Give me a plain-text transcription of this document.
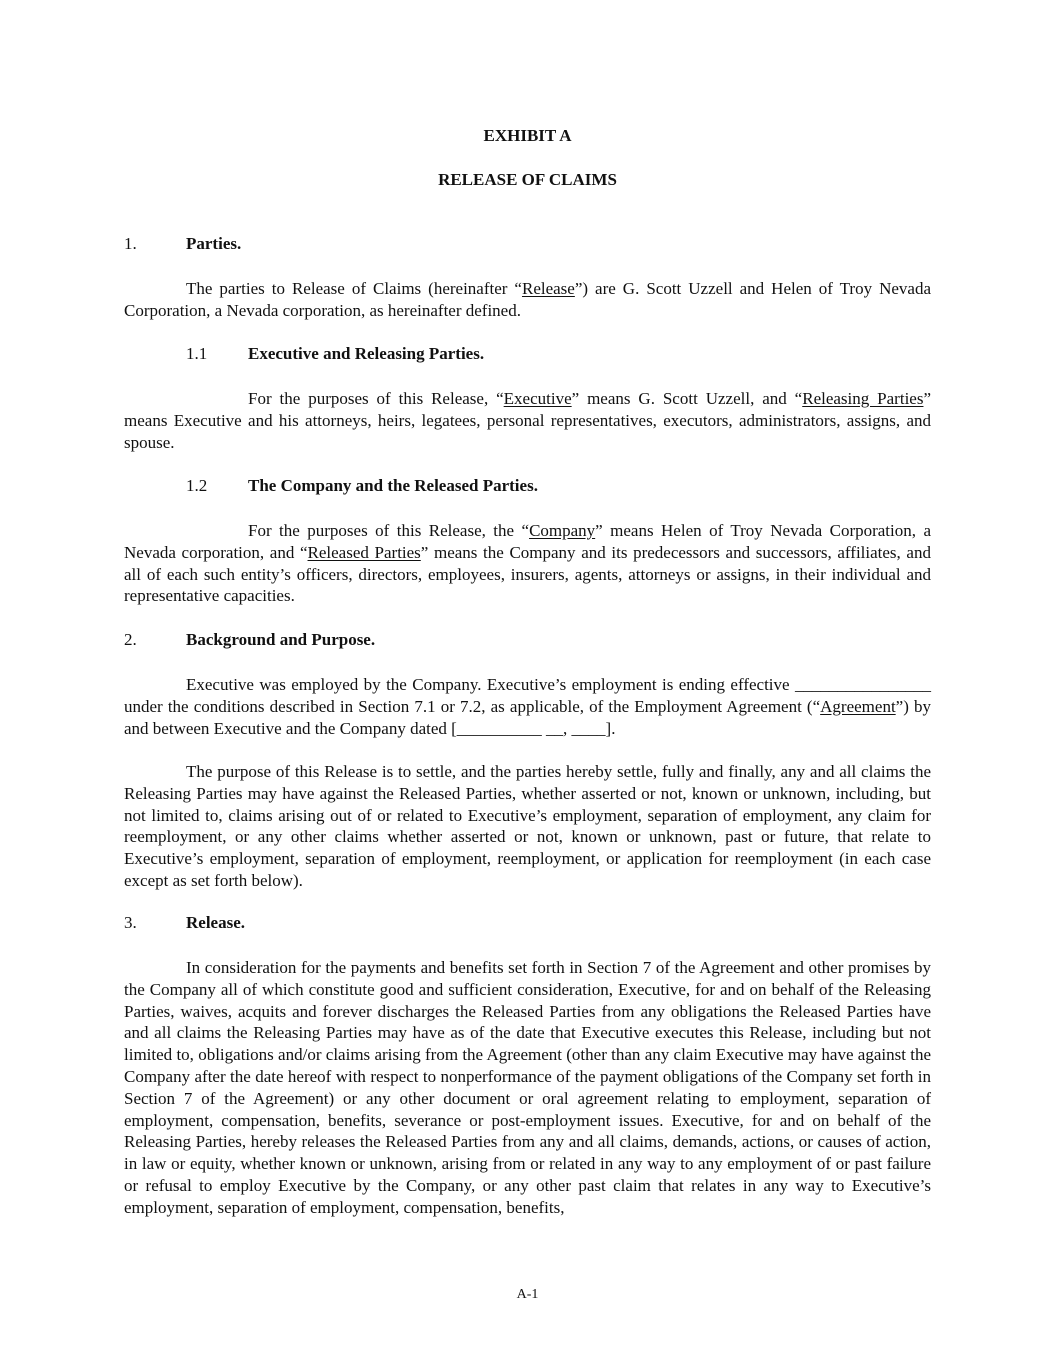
EXHIBIT A
RELEASE OF CLAIMS
1.	Parties.
The parties to Release of Claims (hereinafter “Release”) are G. Scott Uzzell and Helen of Troy Nevada Corporation, a Nevada corporation, as hereinafter defined.
1.1 Executive and Releasing Parties.
For the purposes of this Release, “Executive” means G. Scott Uzzell, and “Releasing Parties” means Executive and his attorneys, heirs, legatees, personal representatives, executors, administrators, assigns, and spouse.
1.2 The Company and the Released Parties.
For the purposes of this Release, the “Company” means Helen of Troy Nevada Corporation, a Nevada corporation, and “Released Parties” means the Company and its predecessors and successors, affiliates, and all of each such entity’s officers, directors, employees, insurers, agents, attorneys or assigns, in their individual and representative capacities.
2.	Background and Purpose.
Executive was employed by the Company. Executive’s employment is ending effective ________________ under the conditions described in Section 7.1 or 7.2, as applicable, of the Employment Agreement (“Agreement”) by and between Executive and the Company dated [__________ __, ____].
The purpose of this Release is to settle, and the parties hereby settle, fully and finally, any and all claims the Releasing Parties may have against the Released Parties, whether asserted or not, known or unknown, including, but not limited to, claims arising out of or related to Executive’s employment, separation of employment, any claim for reemployment, or any other claims whether asserted or not, known or unknown, past or future, that relate to Executive’s employment, separation of employment, reemployment, or application for reemployment (in each case except as set forth below).
3.	Release.
In consideration for the payments and benefits set forth in Section 7 of the Agreement and other promises by the Company all of which constitute good and sufficient consideration, Executive, for and on behalf of the Releasing Parties, waives, acquits and forever discharges the Released Parties from any obligations the Released Parties have and all claims the Releasing Parties may have as of the date that Executive executes this Release, including but not limited to, obligations and/or claims arising from the Agreement (other than any claim Executive may have against the Company after the date hereof with respect to nonperformance of the payment obligations of the Company set forth in Section 7 of the Agreement) or any other document or oral agreement relating to employment, separation of employment, compensation, benefits, severance or post-employment issues. Executive, for and on behalf of the Releasing Parties, hereby releases the Released Parties from any and all claims, demands, actions, or causes of action, in law or equity, whether known or unknown, arising from or related in any way to any employment of or past failure or refusal to employ Executive by the Company, or any other past claim that relates in any way to Executive’s employment, separation of employment, compensation, benefits,
A-1
